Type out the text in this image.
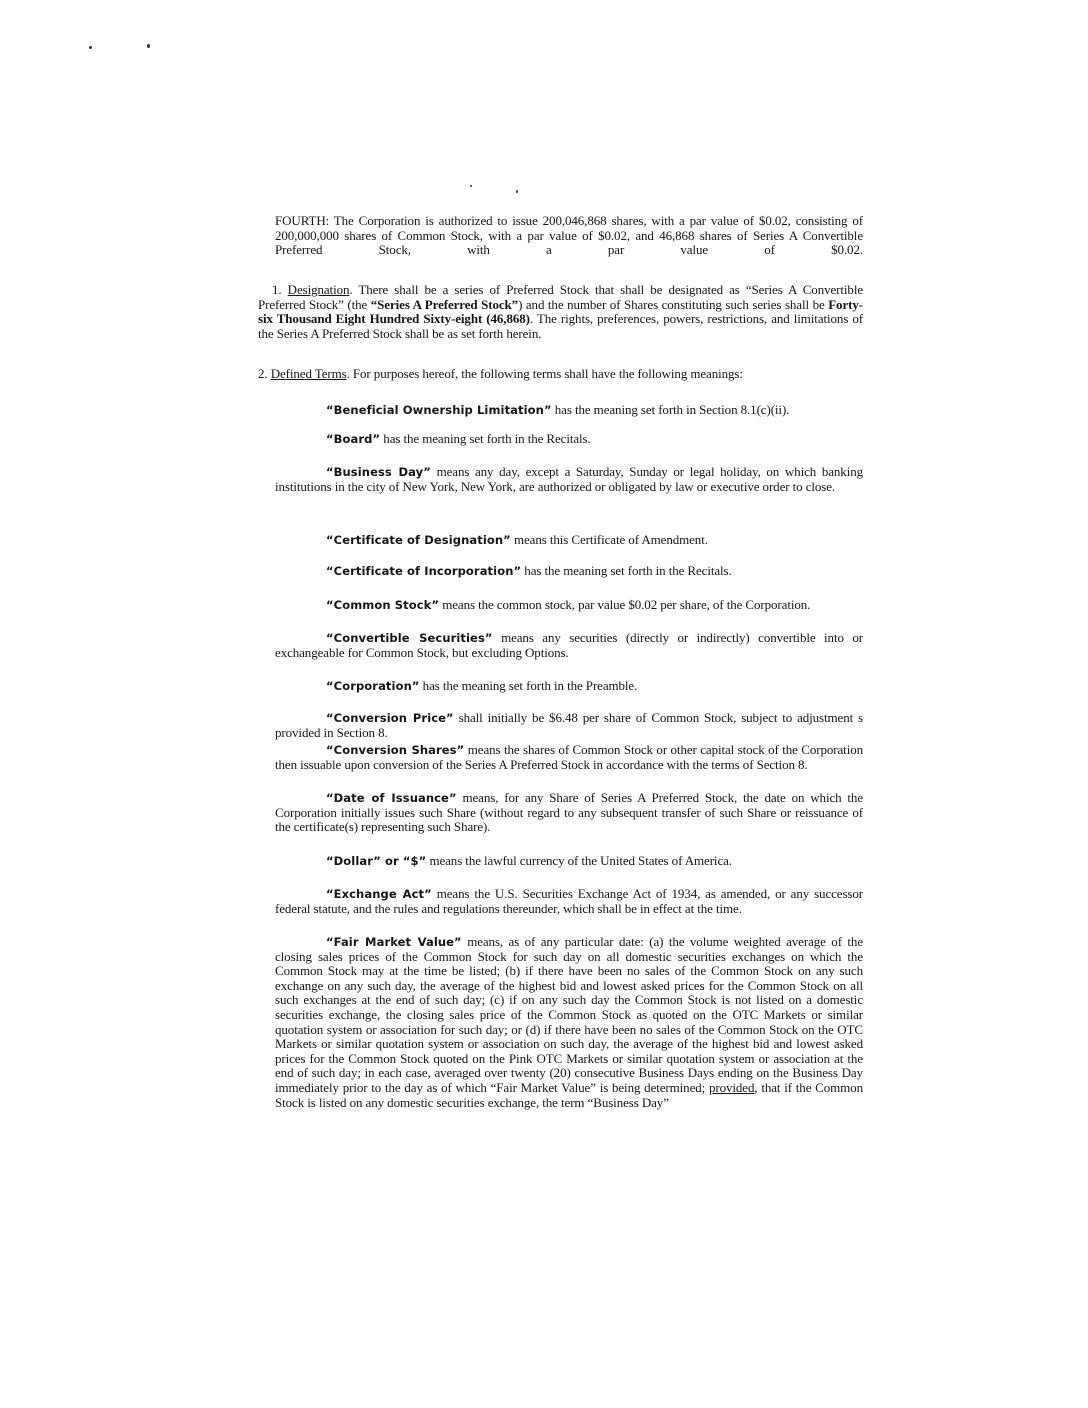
FOURTH: The Corporation is authorized to issue 200,046,868 shares, with a par value of $0.02, consisting of 200,000,000 shares of Common Stock, with a par value of $0.02, and 46,868 shares of Series A Convertible Preferred Stock, with a par value of $0.02.

1. Designation. There shall be a series of Preferred Stock that shall be designated as “Series A Convertible Preferred Stock” (the “Series A Preferred Stock”) and the number of Shares constituting such series shall be Forty-six Thousand Eight Hundred Sixty-eight (46,868). The rights, preferences, powers, restrictions, and limitations of the Series A Preferred Stock shall be as set forth herein.

2. Defined Terms. For purposes hereof, the following terms shall have the following meanings:

“Beneficial Ownership Limitation” has the meaning set forth in Section 8.1(c)(ii).

“Board” has the meaning set forth in the Recitals.

“Business Day” means any day, except a Saturday, Sunday or legal holiday, on which banking institutions in the city of New York, New York, are authorized or obligated by law or executive order to close.

“Certificate of Designation” means this Certificate of Amendment.

“Certificate of Incorporation” has the meaning set forth in the Recitals.

“Common Stock” means the common stock, par value $0.02 per share, of the Corporation.

“Convertible Securities” means any securities (directly or indirectly) convertible into or exchangeable for Common Stock, but excluding Options.

“Corporation” has the meaning set forth in the Preamble.

“Conversion Price” shall initially be $6.48 per share of Common Stock, subject to adjustment s provided in Section 8.

“Conversion Shares” means the shares of Common Stock or other capital stock of the Corporation then issuable upon conversion of the Series A Preferred Stock in accordance with the terms of Section 8.

“Date of Issuance” means, for any Share of Series A Preferred Stock, the date on which the Corporation initially issues such Share (without regard to any subsequent transfer of such Share or reissuance of the certificate(s) representing such Share).

“Dollar” or “$” means the lawful currency of the United States of America.

“Exchange Act” means the U.S. Securities Exchange Act of 1934, as amended, or any successor federal statute, and the rules and regulations thereunder, which shall be in effect at the time.

“Fair Market Value” means, as of any particular date: (a) the volume weighted average of the closing sales prices of the Common Stock for such day on all domestic securities exchanges on which the Common Stock may at the time be listed; (b) if there have been no sales of the Common Stock on any such exchange on any such day, the average of the highest bid and lowest asked prices for the Common Stock on all such exchanges at the end of such day; (c) if on any such day the Common Stock is not listed on a domestic securities exchange, the closing sales price of the Common Stock as quoted on the OTC Markets or similar quotation system or association for such day; or (d) if there have been no sales of the Common Stock on the OTC Markets or similar quotation system or association on such day, the average of the highest bid and lowest asked prices for the Common Stock quoted on the Pink OTC Markets or similar quotation system or association at the end of such day; in each case, averaged over twenty (20) consecutive Business Days ending on the Business Day immediately prior to the day as of which “Fair Market Value” is being determined; provided, that if the Common Stock is listed on any domestic securities exchange, the term “Business Day”
